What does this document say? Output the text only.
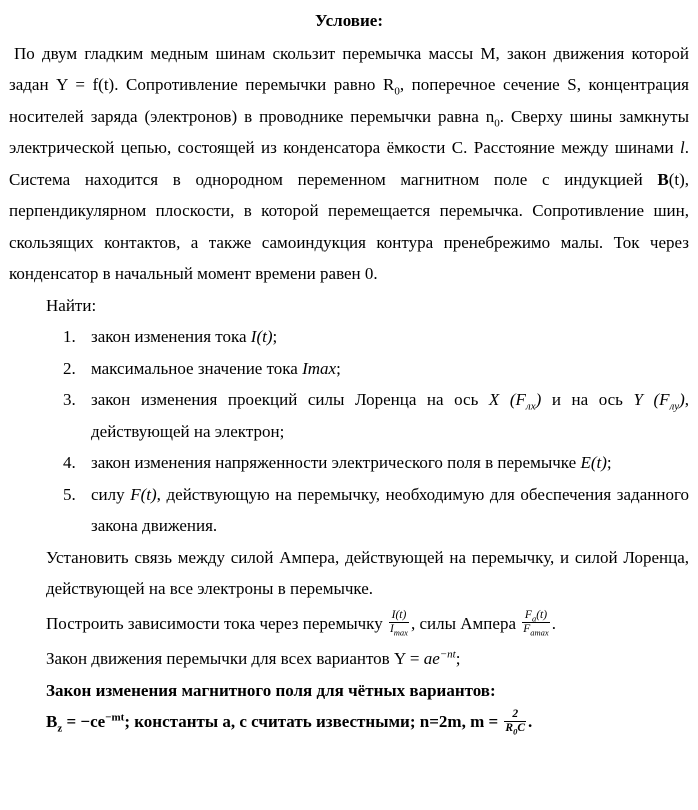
Условие:

По двум гладким медным шинам скользит перемычка массы М, закон движения которой задан Y = f(t). Сопротивление перемычки равно $R_0$, поперечное сечение S, концентрация носителей заряда (электронов) в проводнике перемычки равна $n_0$. Сверху шины замкнуты электрической цепью, состоящей из конденсатора ёмкости С. Расстояние между шинами l. Система находится в однородном переменном магнитном поле с индукцией B(t), перпендикулярном плоскости, в которой перемещается перемычка. Сопротивление шин, скользящих контактов, а также самоиндукция контура пренебрежимо малы. Ток через конденсатор в начальный момент времени равен 0.

Найти:

1. закон изменения тока I(t);
2. максимальное значение тока Imax;
3. закон изменения проекций силы Лоренца на ось X $(F_{лх})$ и на ось Y $(F_{лу})$, действующей на электрон;
4. закон изменения напряженности электрического поля в перемычке E(t);
5. силу F(t), действующую на перемычку, необходимую для обеспечения заданного закона движения.

Установить связь между силой Ампера, действующей на перемычку, и силой Лоренца, действующей на все электроны в перемычке.

Построить зависимости тока через перемычку $\frac{I(t)}{I_{max}}$ , силы Ампера $\frac{F_a(t)}{F_{amax}}$ .

Закон движения перемычки для всех вариантов $Y = ae^{-nt}$;

Закон изменения магнитного поля для чётных вариантов:

$B_z = -ce^{-mt}$; константы a, c считать известными; n=2m, $m = \frac{2}{R_0C}$ .
